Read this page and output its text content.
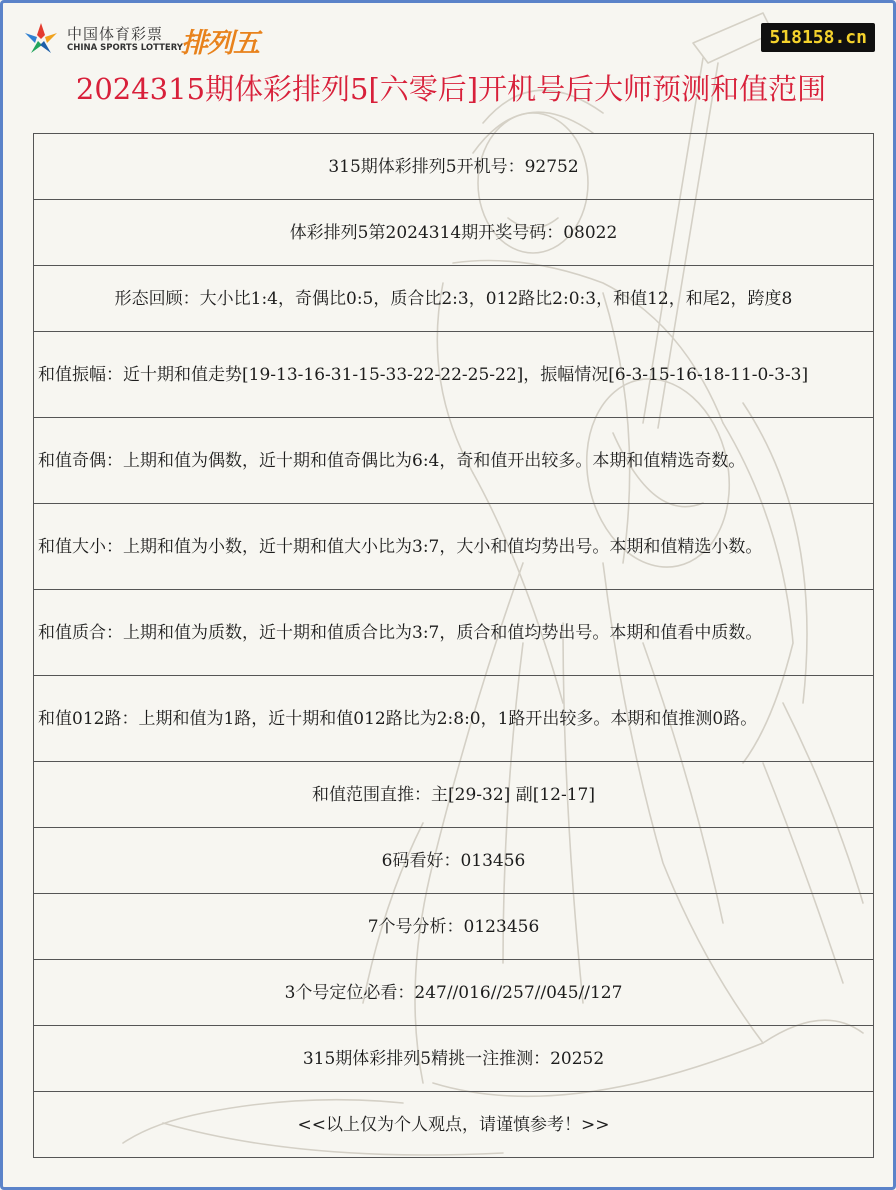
中国体育彩票
CHINA SPORTS LOTTERY
排列五	518158.cn
2024315期体彩排列5[六零后]开机号后大师预测和值范围
315期体彩排列5开机号：92752
体彩排列5第2024314期开奖号码：08022
形态回顾：大小比1:4，奇偶比0:5，质合比2:3，012路比2:0:3，和值12，和尾2，跨度8
和值振幅：近十期和值走势[19-13-16-31-15-33-22-22-25-22]，振幅情况[6-3-15-16-18-11-0-3-3]
和值奇偶：上期和值为偶数，近十期和值奇偶比为6:4，奇和值开出较多。本期和值精选奇数。
和值大小：上期和值为小数，近十期和值大小比为3:7，大小和值均势出号。本期和值精选小数。
和值质合：上期和值为质数，近十期和值质合比为3:7，质合和值均势出号。本期和值看中质数。
和值012路：上期和值为1路，近十期和值012路比为2:8:0，1路开出较多。本期和值推测0路。
和值范围直推：主[29-32] 副[12-17]
6码看好：013456
7个号分析：0123456
3个号定位必看：247//016//257//045//127
315期体彩排列5精挑一注推测：20252
<<以上仅为个人观点，请谨慎参考！>>
